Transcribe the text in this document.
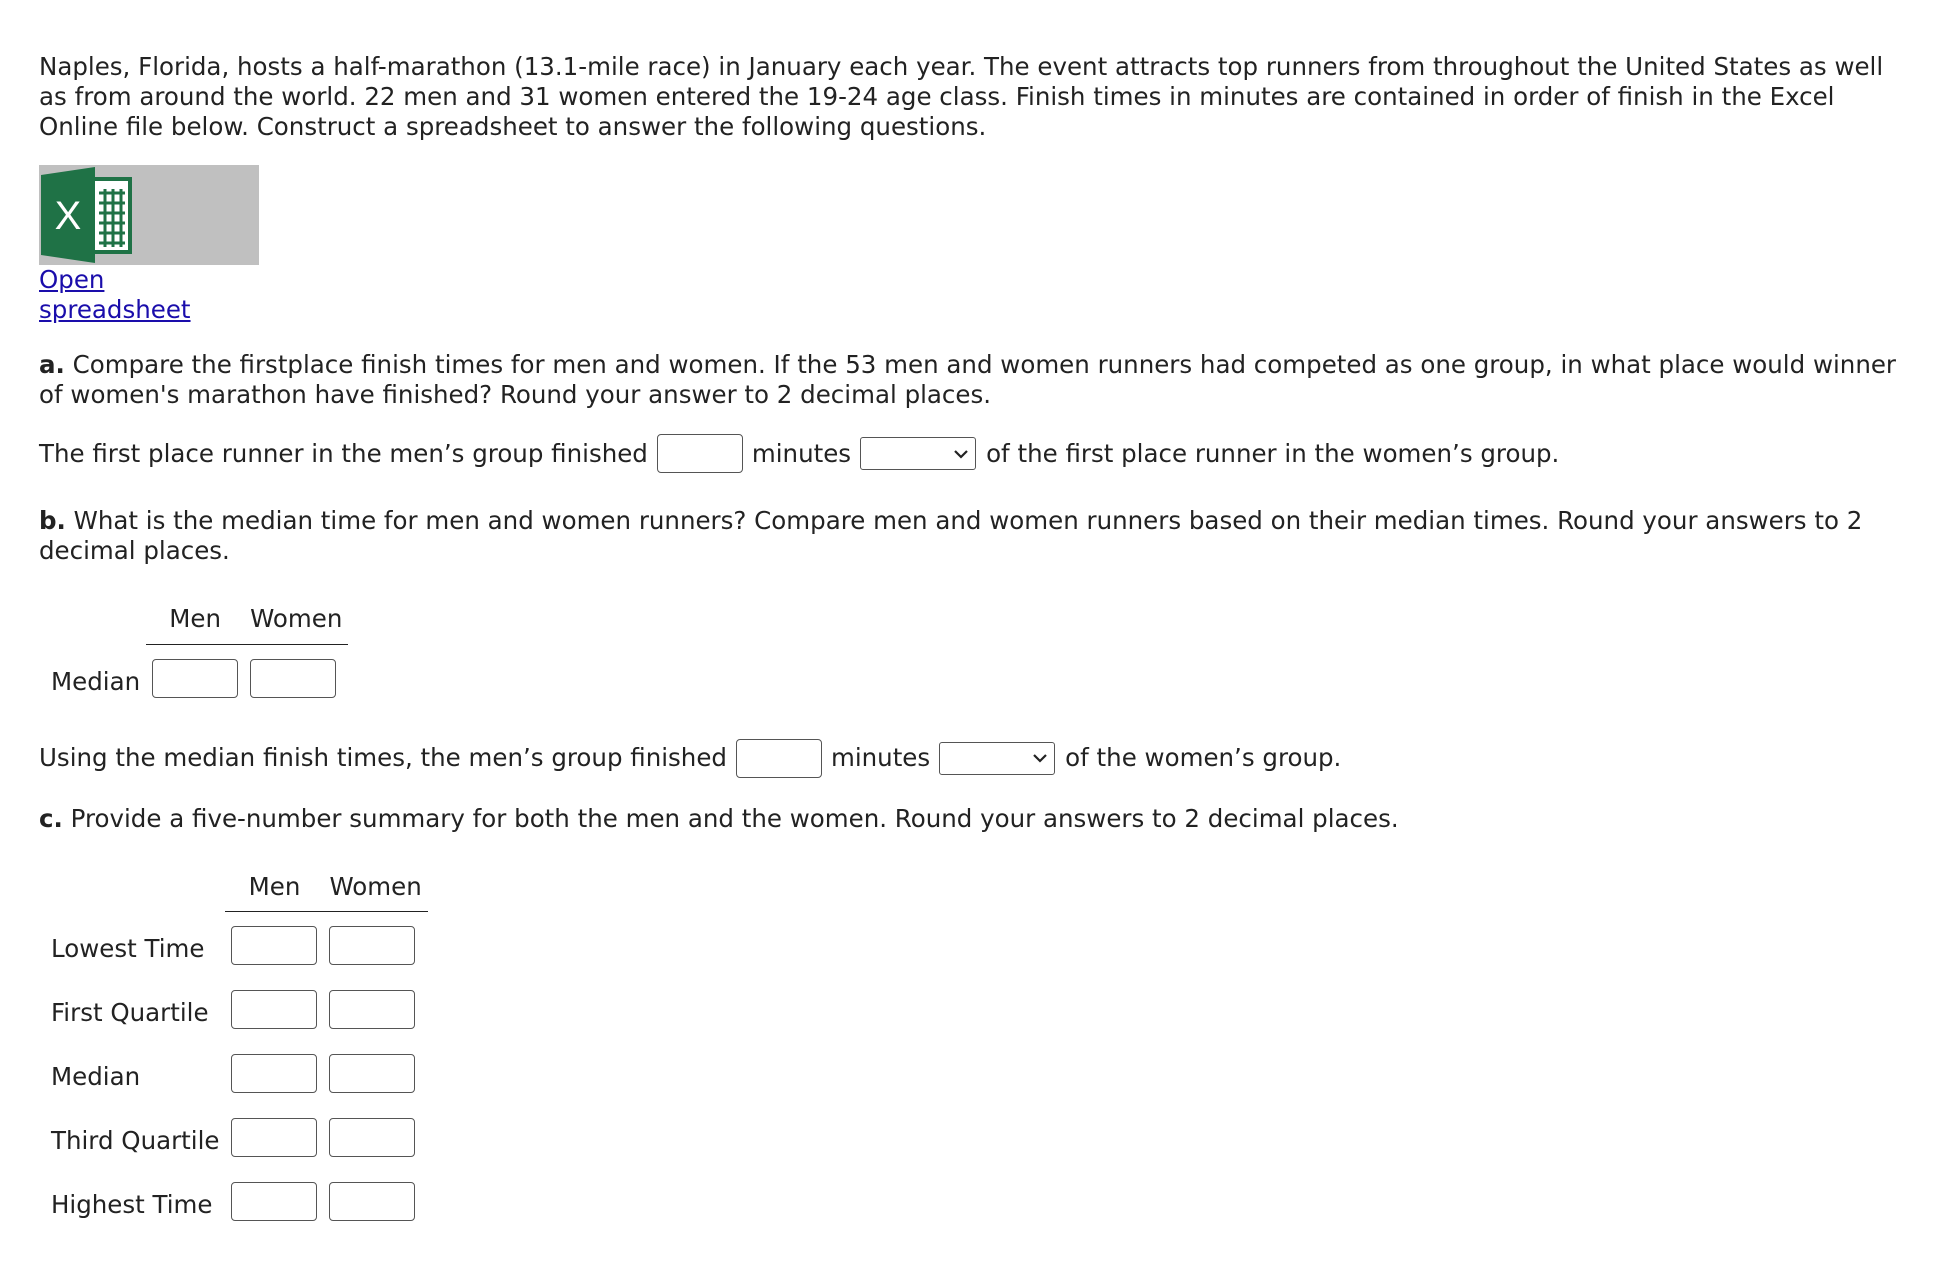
Naples, Florida, hosts a half-marathon (13.1-mile race) in January each year. The event attracts top runners from throughout the United States as well as from around the world. 22 men and 31 women entered the 19-24 age class. Finish times in minutes are contained in order of finish in the Excel Online file below. Construct a spreadsheet to answer the following questions.

X
Open spreadsheet

a. Compare the firstplace finish times for men and women. If the 53 men and women runners had competed as one group, in what place would winner of women's marathon have finished? Round your answer to 2 decimal places.

The first place runner in the men’s group finished	minutes	of the first place runner in the women’s group.

b. What is the median time for men and women runners? Compare men and women runners based on their median times. Round your answers to 2 decimal places.

	Men	Women
Median		
Using the median finish times, the men’s group finished	minutes	of the women’s group.

c. Provide a five-number summary for both the men and the women. Round your answers to 2 decimal places.

	Men	Women
Lowest Time		
First Quartile		
Median		
Third Quartile		
Highest Time		
